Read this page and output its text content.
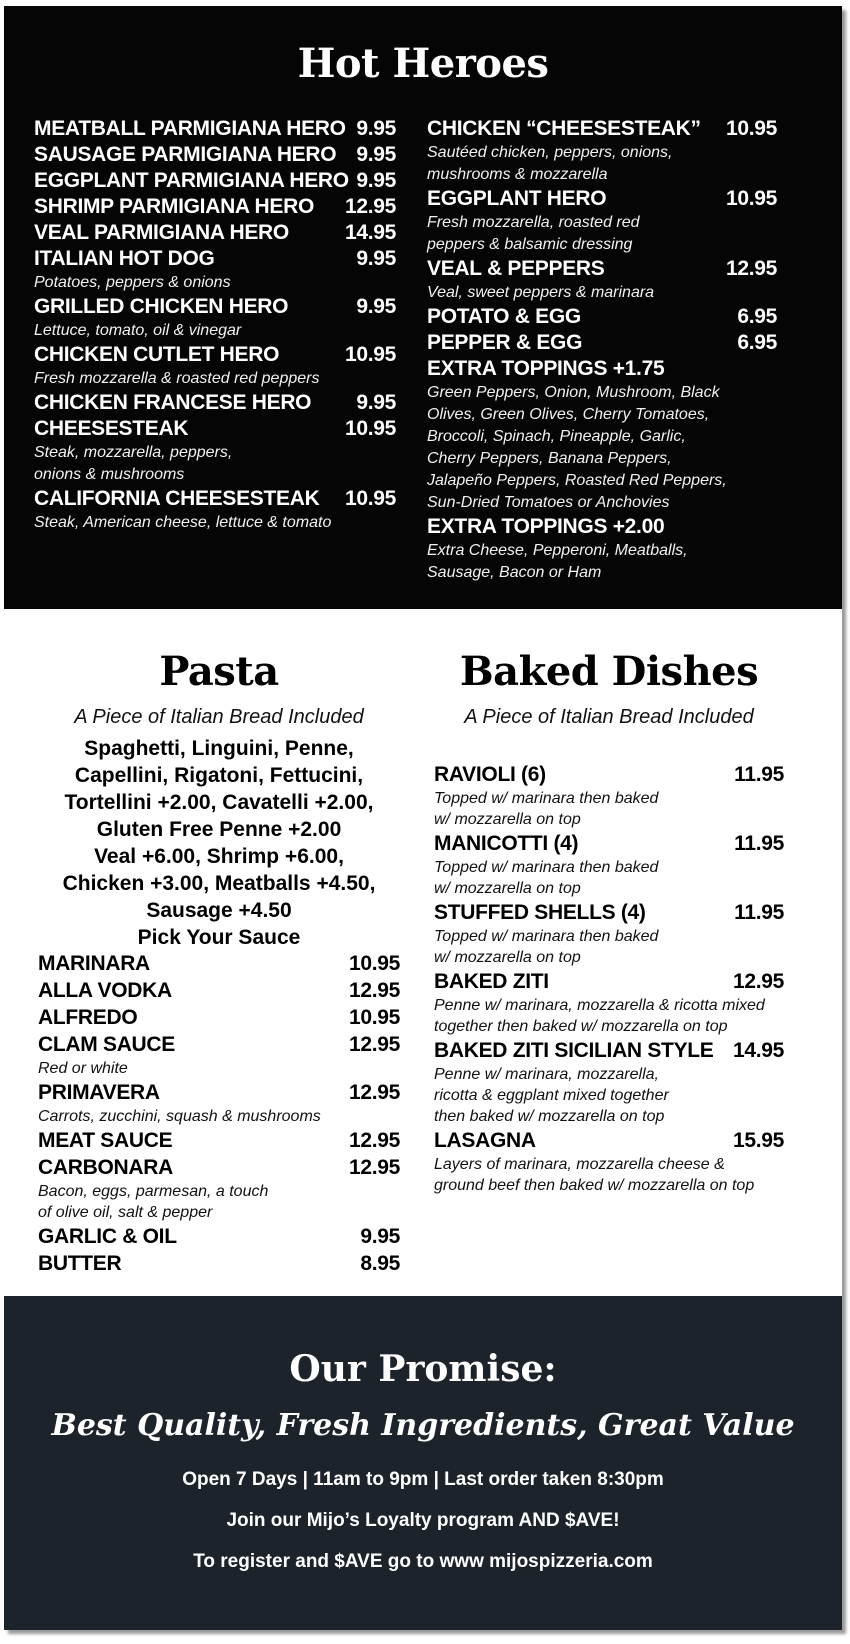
Hot Heroes
MEATBALL PARMIGIANA HERO 9.95
SAUSAGE PARMIGIANA HERO 9.95
EGGPLANT PARMIGIANA HERO 9.95
SHRIMP PARMIGIANA HERO 12.95
VEAL PARMIGIANA HERO	14.95
ITALIAN HOT DOG	9.95
Potatoes, peppers & onions
GRILLED CHICKEN HERO	9.95
Lettuce, tomato, oil & vinegar
CHICKEN CUTLET HERO	10.95
Fresh mozzarella & roasted red peppers
CHICKEN FRANCESE HERO 9.95
CHEESESTEAK	10.95
Steak, mozzarella, peppers,
onions & mushrooms
CALIFORNIA CHEESESTEAK 10.95
Steak, American cheese, lettuce & tomato
CHICKEN “CHEESESTEAK” 10.95
Sautéed chicken, peppers, onions,
mushrooms & mozzarella
EGGPLANT HERO	10.95
Fresh mozzarella, roasted red
peppers & balsamic dressing
VEAL & PEPPERS	12.95
Veal, sweet peppers & marinara
POTATO & EGG	6.95
PEPPER & EGG	6.95
EXTRA TOPPINGS +1.75
Green Peppers, Onion, Mushroom, Black
Olives, Green Olives, Cherry Tomatoes,
Broccoli, Spinach, Pineapple, Garlic,
Cherry Peppers, Banana Peppers,
Jalapeño Peppers, Roasted Red Peppers,
Sun-Dried Tomatoes or Anchovies
EXTRA TOPPINGS +2.00
Extra Cheese, Pepperoni, Meatballs,
Sausage, Bacon or Ham
Pasta	Baked Dishes
A Piece of Italian Bread Included	A Piece of Italian Bread Included
Spaghetti, Linguini, Penne,
Capellini, Rigatoni, Fettucini,
Tortellini +2.00, Cavatelli +2.00,
Gluten Free Penne +2.00
Veal +6.00, Shrimp +6.00,
Chicken +3.00, Meatballs +4.50,
Sausage +4.50
Pick Your Sauce
MARINARA	10.95
ALLA VODKA	12.95
ALFREDO	10.95
CLAM SAUCE	12.95
Red or white
PRIMAVERA	12.95
Carrots, zucchini, squash & mushrooms
MEAT SAUCE	12.95
CARBONARA	12.95
Bacon, eggs, parmesan, a touch
of olive oil, salt & pepper
GARLIC & OIL	9.95
BUTTER	8.95
RAVIOLI (6)	11.95
Topped w/ marinara then baked
w/ mozzarella on top
MANICOTTI (4)	11.95
Topped w/ marinara then baked
w/ mozzarella on top
STUFFED SHELLS (4)	11.95
Topped w/ marinara then baked
w/ mozzarella on top
BAKED ZITI	12.95
Penne w/ marinara, mozzarella & ricotta mixed
together then baked w/ mozzarella on top
BAKED ZITI SICILIAN STYLE 14.95
Penne w/ marinara, mozzarella,
ricotta & eggplant mixed together
then baked w/ mozzarella on top
LASAGNA	15.95
Layers of marinara, mozzarella cheese &
ground beef then baked w/ mozzarella on top
Our Promise:
Best Quality, Fresh Ingredients, Great Value
Open 7 Days | 11am to 9pm | Last order taken 8:30pm
Join our Mijo’s Loyalty program AND $AVE!
To register and $AVE go to www mijospizzeria.com
